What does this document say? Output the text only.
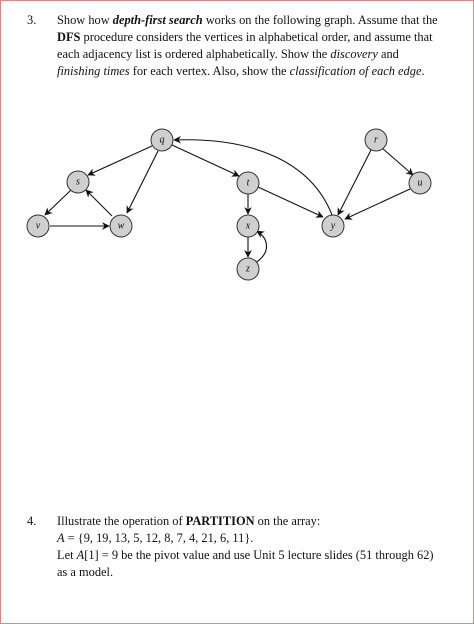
3. Show how depth-first search works on the following graph. Assume that the
DFS procedure considers the vertices in alphabetical order, and assume that
each adjacency list is ordered alphabetically. Show the discovery and
finishing times for each vertex. Also, show the classification of each edge.
q	r
s	t	u
v	w	x	y
z
4. Illustrate the operation of PARTITION on the array:
A = {9, 19, 13, 5, 12, 8, 7, 4, 21, 6, 11}.
Let A[1] = 9 be the pivot value and use Unit 5 lecture slides (51 through 62)
as a model.
